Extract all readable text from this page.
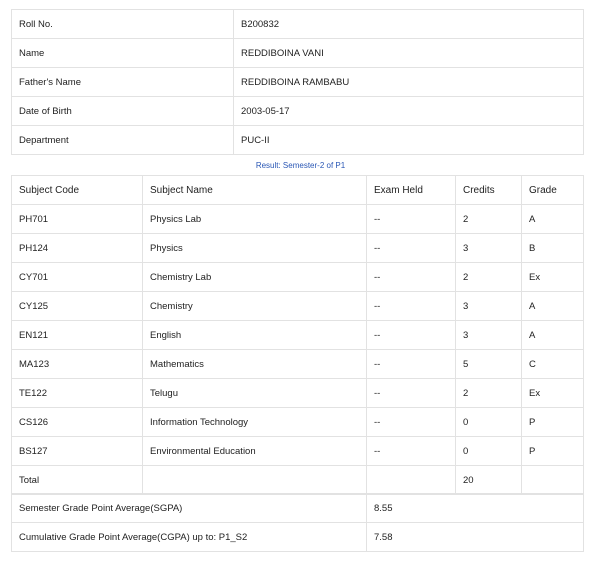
Roll No.	B200832
Name	REDDIBOINA VANI
Father's Name	REDDIBOINA RAMBABU
Date of Birth	2003-05-17
Department	PUC-II
Result: Semester-2 of P1
Subject Code	Subject Name	Exam Held	Credits	Grade
PH701	Physics Lab	--	2	A
PH124	Physics	--	3	B
CY701	Chemistry Lab	--	2	Ex
CY125	Chemistry	--	3	A
EN121	English	--	3	A
MA123	Mathematics	--	5	C
TE122	Telugu	--	2	Ex
CS126	Information Technology	--	0	P
BS127	Environmental Education	--	0	P
Total			20	
Semester Grade Point Average(SGPA)	8.55
Cumulative Grade Point Average(CGPA) up to: P1_S2	7.58
